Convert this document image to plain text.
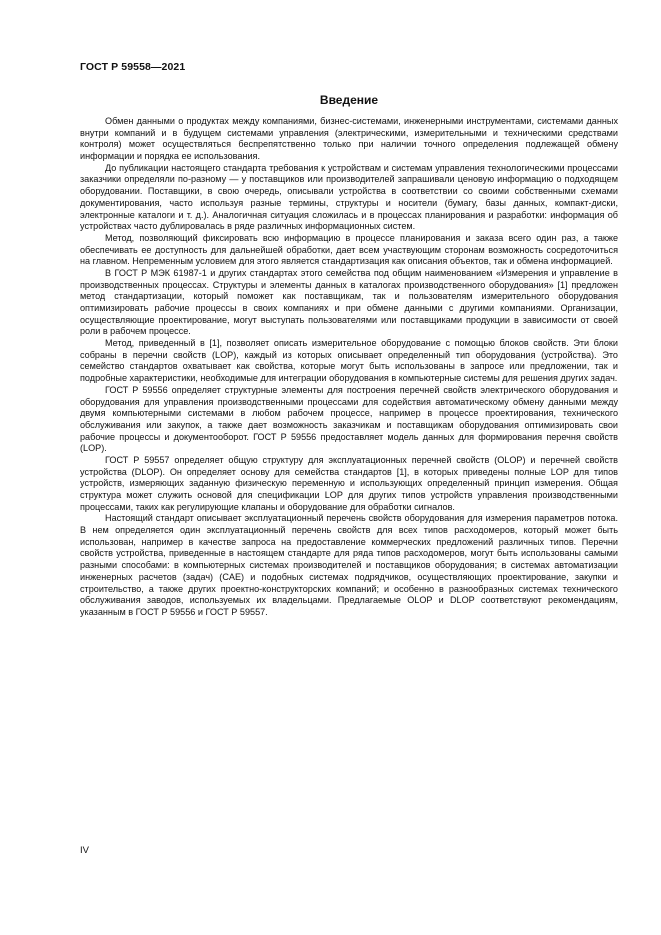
ГОСТ Р 59558—2021
Введение

Обмен данными о продуктах между компаниями, бизнес-системами, инженерными инструментами, системами данных внутри компаний и в будущем системами управления (электрическими, измерительными и техническими средствами контроля) может осуществляться беспрепятственно только при наличии точного определения подлежащей обмену информации и порядка ее использования.

До публикации настоящего стандарта требования к устройствам и системам управления технологическими процессами заказчики определяли по-разному — у поставщиков или производителей запрашивали ценовую информацию о подходящем оборудовании. Поставщики, в свою очередь, описывали устройства в соответствии со своими собственными схемами документирования, часто используя разные термины, структуры и носители (бумагу, базы данных, компакт-диски, электронные каталоги и т. д.). Аналогичная ситуация сложилась и в процессах планирования и разработки: информация об устройствах часто дублировалась в ряде различных информационных систем.

Метод, позволяющий фиксировать всю информацию в процессе планирования и заказа всего один раз, а также обеспечивать ее доступность для дальнейшей обработки, дает всем участвующим сторонам возможность сосредоточиться на главном. Непременным условием для этого является стандартизация как описания объектов, так и обмена информацией.

В ГОСТ Р МЭК 61987-1 и других стандартах этого семейства под общим наименованием «Измерения и управление в производственных процессах. Структуры и элементы данных в каталогах производственного оборудования» [1] предложен метод стандартизации, который поможет как поставщикам, так и пользователям измерительного оборудования оптимизировать рабочие процессы в своих компаниях и при обмене данными с другими компаниями. Организации, осуществляющие проектирование, могут выступать пользователями или поставщиками продукции в зависимости от своей роли в рабочем процессе.

Метод, приведенный в [1], позволяет описать измерительное оборудование с помощью блоков свойств. Эти блоки собраны в перечни свойств (LOP), каждый из которых описывает определенный тип оборудования (устройства). Это семейство стандартов охватывает как свойства, которые могут быть использованы в запросе или предложении, так и подробные характеристики, необходимые для интеграции оборудования в компьютерные системы для решения других задач.

ГОСТ Р 59556 определяет структурные элементы для построения перечней свойств электрического оборудования и оборудования для управления производственными процессами для содействия автоматическому обмену данными между двумя компьютерными системами в любом рабочем процессе, например в процессе проектирования, технического обслуживания или закупок, а также дает возможность заказчикам и поставщикам оборудования оптимизировать свои рабочие процессы и документооборот. ГОСТ Р 59556 предоставляет модель данных для формирования перечня свойств (LOP).

ГОСТ Р 59557 определяет общую структуру для эксплуатационных перечней свойств (OLOP) и перечней свойств устройства (DLOP). Он определяет основу для семейства стандартов [1], в которых приведены полные LOP для типов устройств, измеряющих заданную физическую переменную и использующих определенный принцип измерения. Общая структура может служить основой для спецификации LOP для других типов устройств управления производственными процессами, таких как регулирующие клапаны и оборудование для обработки сигналов.

Настоящий стандарт описывает эксплуатационный перечень свойств оборудования для измерения параметров потока. В нем определяется один эксплуатационный перечень свойств для всех типов расходомеров, который может быть использован, например в качестве запроса на предоставление коммерческих предложений различных типов. Перечни свойств устройства, приведенные в настоящем стандарте для ряда типов расходомеров, могут быть использованы самыми разными способами: в компьютерных системах производителей и поставщиков оборудования; в системах автоматизации инженерных расчетов (задач) (CAE) и подобных системах подрядчиков, осуществляющих проектирование, закупки и строительство, а также других проектно-конструкторских компаний; и особенно в разнообразных системах технического обслуживания заводов, используемых их владельцами. Предлагаемые OLOP и DLOP соответствуют рекомендациям, указанным в ГОСТ Р 59556 и ГОСТ Р 59557.

IV
